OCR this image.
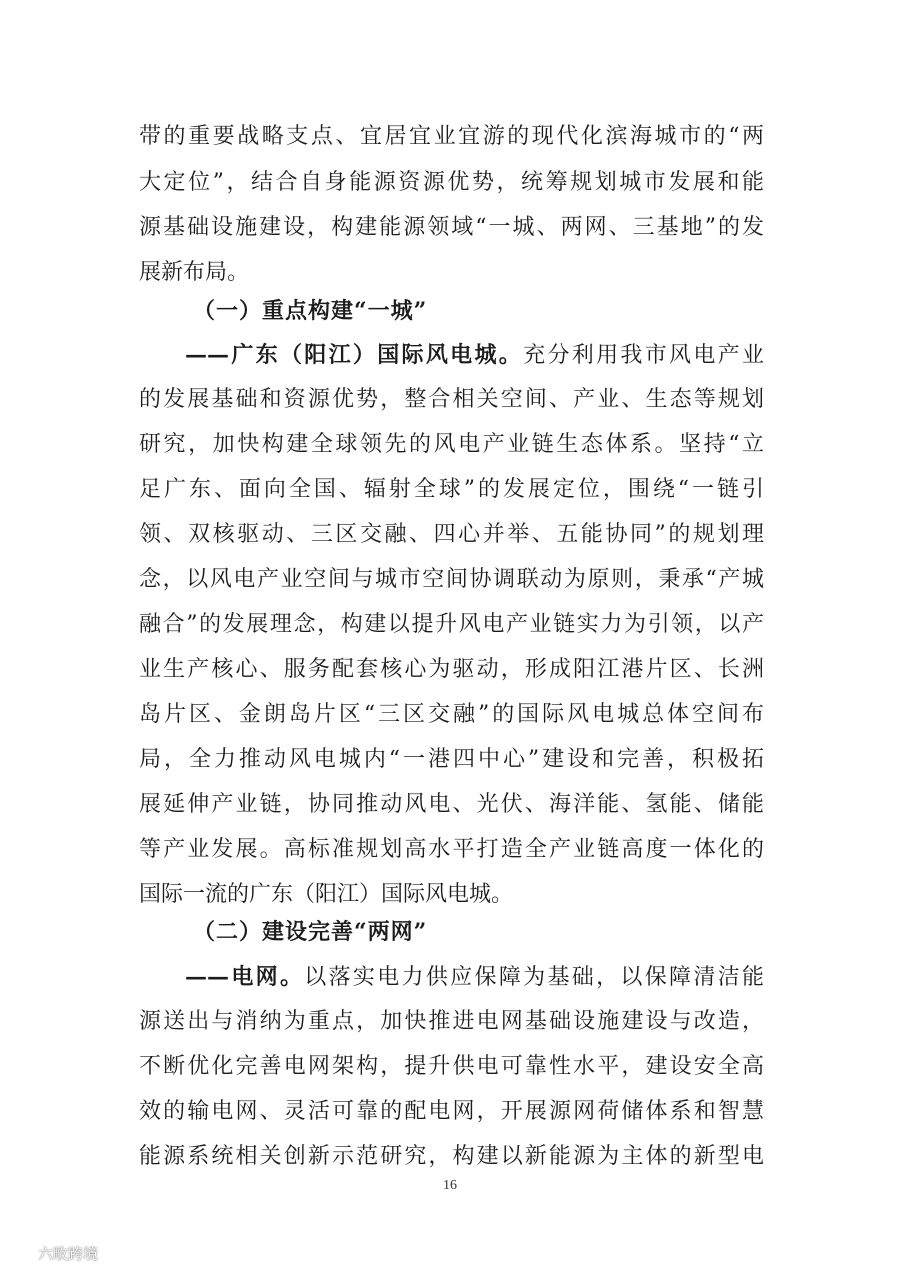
带的重要战略支点、宜居宜业宜游的现代化滨海城市的“两
大定位”，结合自身能源资源优势，统筹规划城市发展和能
源基础设施建设，构建能源领域“一城、两网、三基地”的发
展新布局。
（一）重点构建“一城”
——广东（阳江）国际风电城。充分利用我市风电产业
的发展基础和资源优势，整合相关空间、产业、生态等规划
研究，加快构建全球领先的风电产业链生态体系。坚持“立
足广东、面向全国、辐射全球”的发展定位，围绕“一链引
领、双核驱动、三区交融、四心并举、五能协同”的规划理
念，以风电产业空间与城市空间协调联动为原则，秉承“产城
融合”的发展理念，构建以提升风电产业链实力为引领，以产
业生产核心、服务配套核心为驱动，形成阳江港片区、长洲
岛片区、金朗岛片区“三区交融”的国际风电城总体空间布
局，全力推动风电城内“一港四中心”建设和完善，积极拓
展延伸产业链，协同推动风电、光伏、海洋能、氢能、储能
等产业发展。高标准规划高水平打造全产业链高度一体化的
国际一流的广东（阳江）国际风电城。
（二）建设完善“两网”
——电网。以落实电力供应保障为基础，以保障清洁能
源送出与消纳为重点，加快推进电网基础设施建设与改造，
不断优化完善电网架构，提升供电可靠性水平，建设安全高
效的输电网、灵活可靠的配电网，开展源网荷储体系和智慧
能源系统相关创新示范研究，构建以新能源为主体的新型电
16
六畋跨境
